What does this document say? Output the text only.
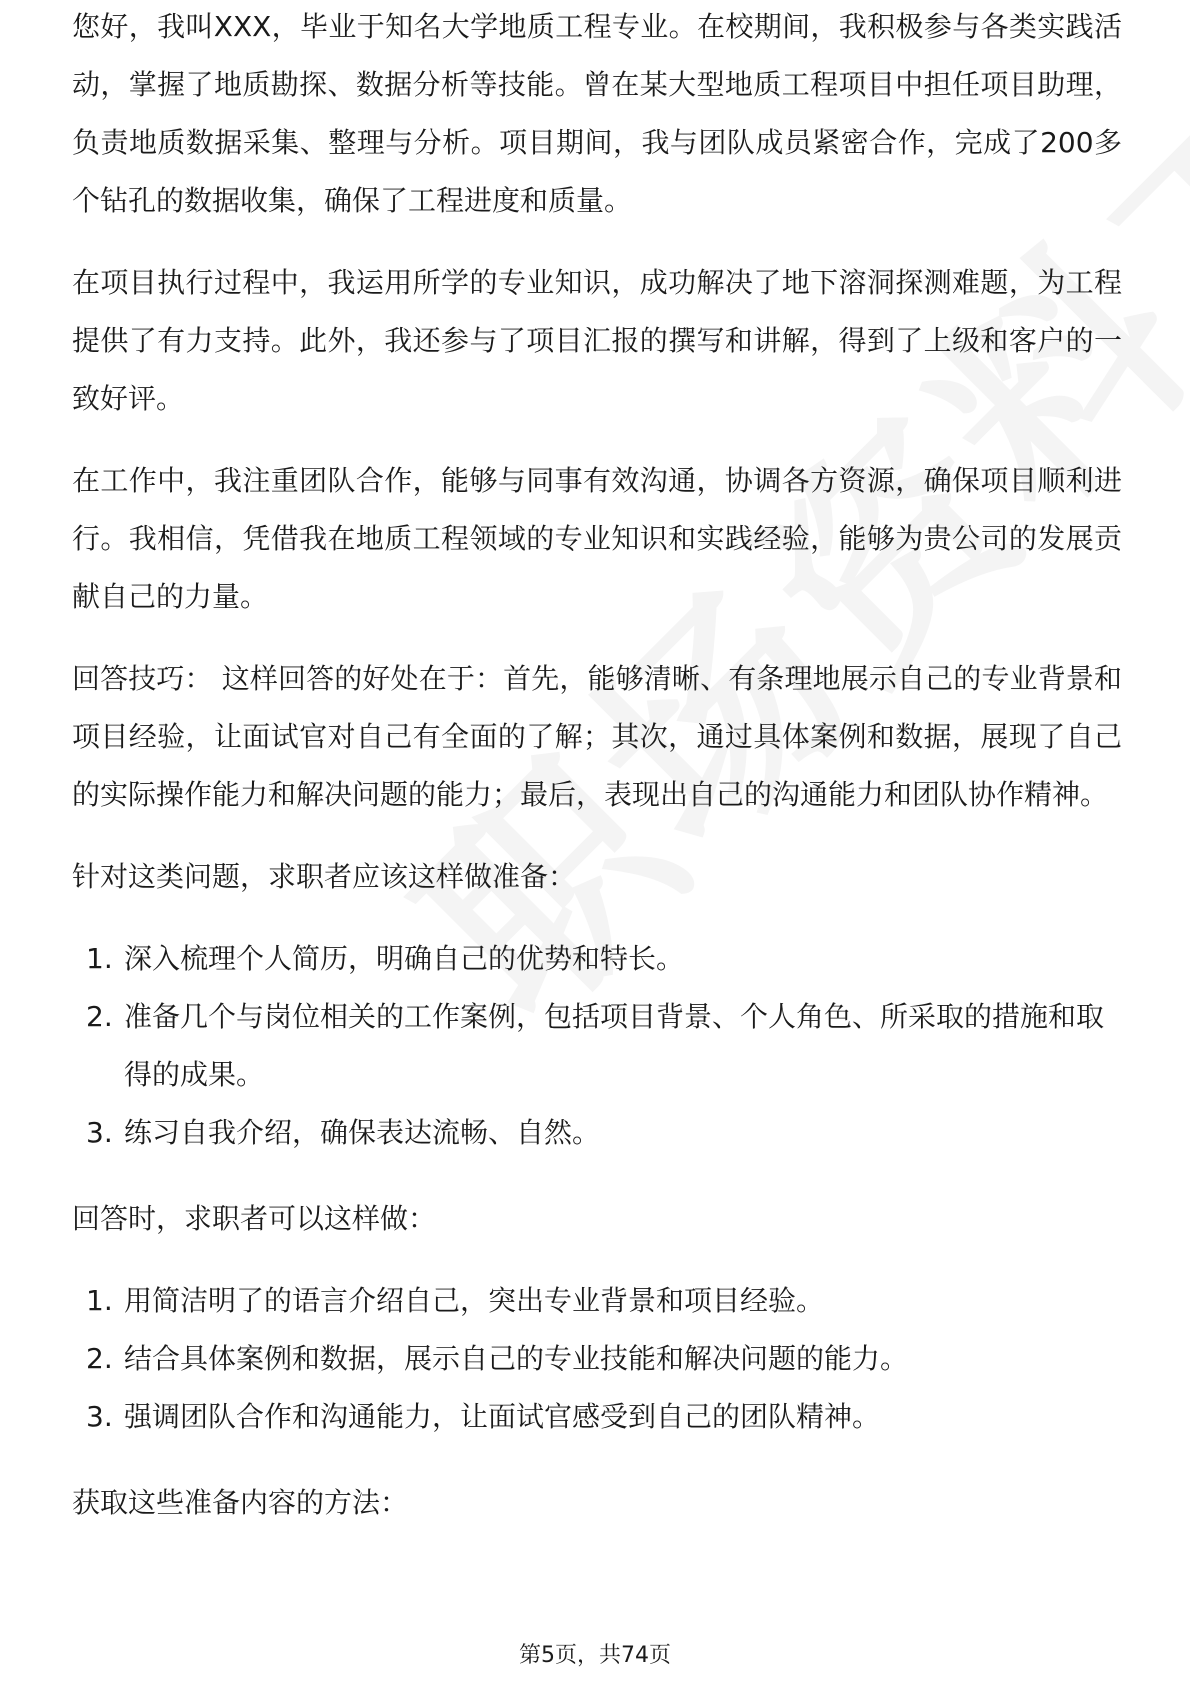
您好，我叫XXX，毕业于知名大学地质工程专业。在校期间，我积极参与各类实践活动，掌握了地质勘探、数据分析等技能。曾在某大型地质工程项目中担任项目助理，负责地质数据采集、整理与分析。项目期间，我与团队成员紧密合作，完成了200多个钻孔的数据收集，确保了工程进度和质量。

在项目执行过程中，我运用所学的专业知识，成功解决了地下溶洞探测难题，为工程提供了有力支持。此外，我还参与了项目汇报的撰写和讲解，得到了上级和客户的一致好评。

在工作中，我注重团队合作，能够与同事有效沟通，协调各方资源，确保项目顺利进行。我相信，凭借我在地质工程领域的专业知识和实践经验，能够为贵公司的发展贡献自己的力量。

回答技巧： 这样回答的好处在于：首先，能够清晰、有条理地展示自己的专业背景和项目经验，让面试官对自己有全面的了解；其次，通过具体案例和数据，展现了自己的实际操作能力和解决问题的能力；最后，表现出自己的沟通能力和团队协作精神。

针对这类问题，求职者应该这样做准备：

1. 深入梳理个人简历，明确自己的优势和特长。
2. 准备几个与岗位相关的工作案例，包括项目背景、个人角色、所采取的措施和取得的成果。
3. 练习自我介绍，确保表达流畅、自然。

回答时，求职者可以这样做：

1. 用简洁明了的语言介绍自己，突出专业背景和项目经验。
2. 结合具体案例和数据，展示自己的专业技能和解决问题的能力。
3. 强调团队合作和沟通能力，让面试官感受到自己的团队精神。

获取这些准备内容的方法：

第5页，共74页
